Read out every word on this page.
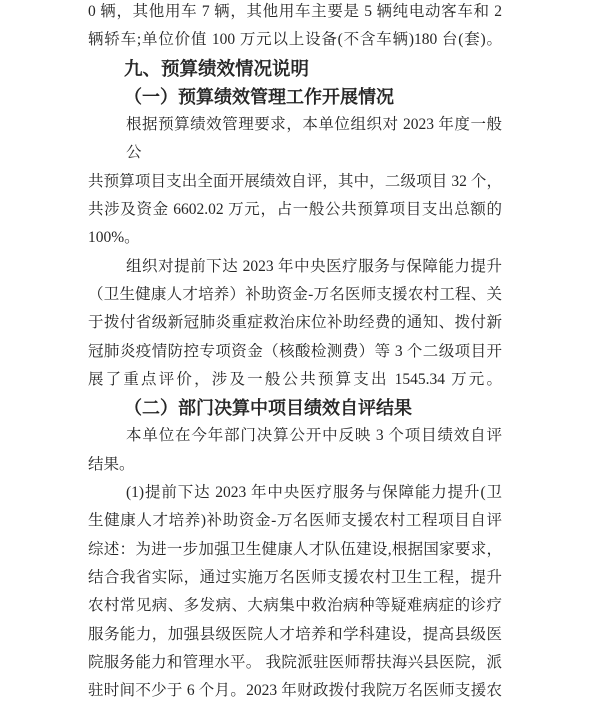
0 辆，其他用车 7 辆，其他用车主要是 5 辆纯电动客车和 2
辆轿车;单位价值 100 万元以上设备(不含车辆)180 台(套)。
九、预算绩效情况说明
（一）预算绩效管理工作开展情况
根据预算绩效管理要求，本单位组织对 2023 年度一般公
共预算项目支出全面开展绩效自评，其中，二级项目 32 个，
共涉及资金 6602.02 万元，占一般公共预算项目支出总额的
100%。
组织对提前下达 2023 年中央医疗服务与保障能力提升
（卫生健康人才培养）补助资金-万名医师支援农村工程、关
于拨付省级新冠肺炎重症救治床位补助经费的通知、拨付新
冠肺炎疫情防控专项资金（核酸检测费）等 3 个二级项目开
展了重点评价，涉及一般公共预算支出 1545.34 万元。
（二）部门决算中项目绩效自评结果
本单位在今年部门决算公开中反映 3 个项目绩效自评
结果。
(1)提前下达 2023 年中央医疗服务与保障能力提升(卫
生健康人才培养)补助资金-万名医师支援农村工程项目自评
综述：为进一步加强卫生健康人才队伍建设,根据国家要求，
结合我省实际，通过实施万名医师支援农村卫生工程，提升
农村常见病、多发病、大病集中救治病种等疑难病症的诊疗
服务能力，加强县级医院人才培养和学科建设，提高县级医
院服务能力和管理水平。 我院派驻医师帮扶海兴县医院，派
驻时间不少于 6 个月。2023 年财政拨付我院万名医师支援农
